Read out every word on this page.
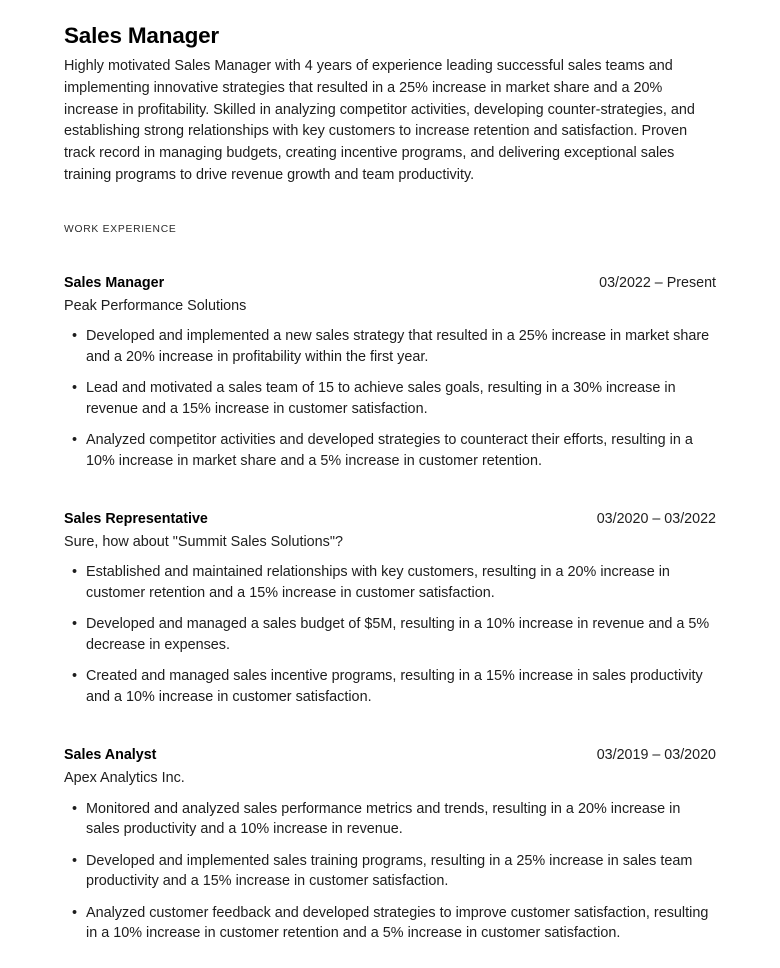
Sales Manager

Highly motivated Sales Manager with 4 years of experience leading successful sales teams and implementing innovative strategies that resulted in a 25% increase in market share and a 20% increase in profitability. Skilled in analyzing competitor activities, developing counter-strategies, and establishing strong relationships with key customers to increase retention and satisfaction. Proven track record in managing budgets, creating incentive programs, and delivering exceptional sales training programs to drive revenue growth and team productivity.

WORK EXPERIENCE
Sales Manager	03/2022 – Present
Peak Performance Solutions
• Developed and implemented a new sales strategy that resulted in a 25% increase in market share and a 20% increase in profitability within the first year.
• Lead and motivated a sales team of 15 to achieve sales goals, resulting in a 30% increase in revenue and a 15% increase in customer satisfaction.
• Analyzed competitor activities and developed strategies to counteract their efforts, resulting in a 10% increase in market share and a 5% increase in customer retention.
Sales Representative	03/2020 – 03/2022
Sure, how about "Summit Sales Solutions"?
• Established and maintained relationships with key customers, resulting in a 20% increase in customer retention and a 15% increase in customer satisfaction.
• Developed and managed a sales budget of $5M, resulting in a 10% increase in revenue and a 5% decrease in expenses.
• Created and managed sales incentive programs, resulting in a 15% increase in sales productivity and a 10% increase in customer satisfaction.
Sales Analyst	03/2019 – 03/2020
Apex Analytics Inc.
• Monitored and analyzed sales performance metrics and trends, resulting in a 20% increase in sales productivity and a 10% increase in revenue.
• Developed and implemented sales training programs, resulting in a 25% increase in sales team productivity and a 15% increase in customer satisfaction.
• Analyzed customer feedback and developed strategies to improve customer satisfaction, resulting in a 10% increase in customer retention and a 5% increase in customer satisfaction.
